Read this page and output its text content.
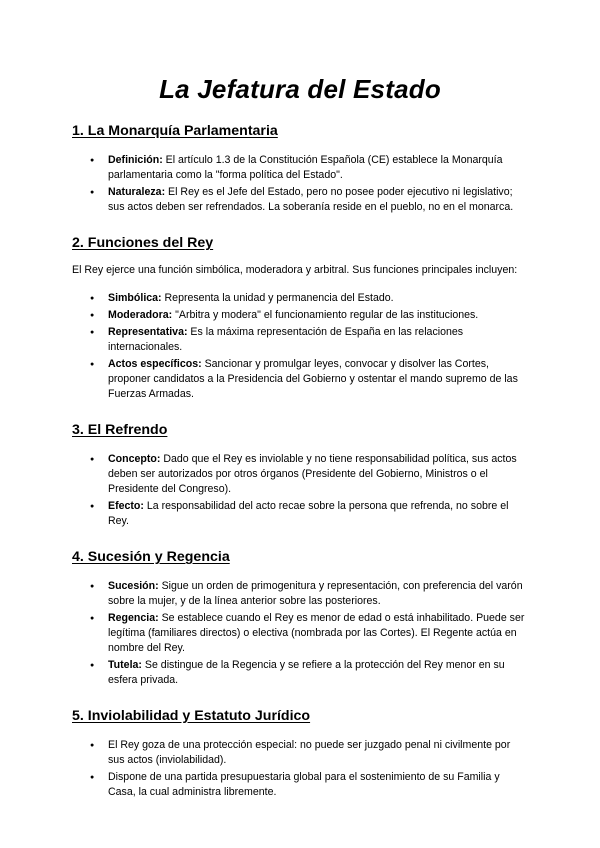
La Jefatura del Estado
1. La Monarquía Parlamentaria
● Definición: El artículo 1.3 de la Constitución Española (CE) establece la Monarquía parlamentaria como la "forma política del Estado".
● Naturaleza: El Rey es el Jefe del Estado, pero no posee poder ejecutivo ni legislativo; sus actos deben ser refrendados. La soberanía reside en el pueblo, no en el monarca.
2. Funciones del Rey

El Rey ejerce una función simbólica, moderadora y arbitral. Sus funciones principales incluyen:

● Simbólica: Representa la unidad y permanencia del Estado.
● Moderadora: "Arbitra y modera" el funcionamiento regular de las instituciones.
● Representativa: Es la máxima representación de España en las relaciones internacionales.
● Actos específicos: Sancionar y promulgar leyes, convocar y disolver las Cortes, proponer candidatos a la Presidencia del Gobierno y ostentar el mando supremo de las Fuerzas Armadas.
3. El Refrendo
● Concepto: Dado que el Rey es inviolable y no tiene responsabilidad política, sus actos deben ser autorizados por otros órganos (Presidente del Gobierno, Ministros o el Presidente del Congreso).
● Efecto: La responsabilidad del acto recae sobre la persona que refrenda, no sobre el Rey.
4. Sucesión y Regencia
● Sucesión: Sigue un orden de primogenitura y representación, con preferencia del varón sobre la mujer, y de la línea anterior sobre las posteriores.
● Regencia: Se establece cuando el Rey es menor de edad o está inhabilitado. Puede ser legítima (familiares directos) o electiva (nombrada por las Cortes). El Regente actúa en nombre del Rey.
● Tutela: Se distingue de la Regencia y se refiere a la protección del Rey menor en su esfera privada.
5. Inviolabilidad y Estatuto Jurídico
● El Rey goza de una protección especial: no puede ser juzgado penal ni civilmente por sus actos (inviolabilidad).
● Dispone de una partida presupuestaria global para el sostenimiento de su Familia y Casa, la cual administra libremente.
